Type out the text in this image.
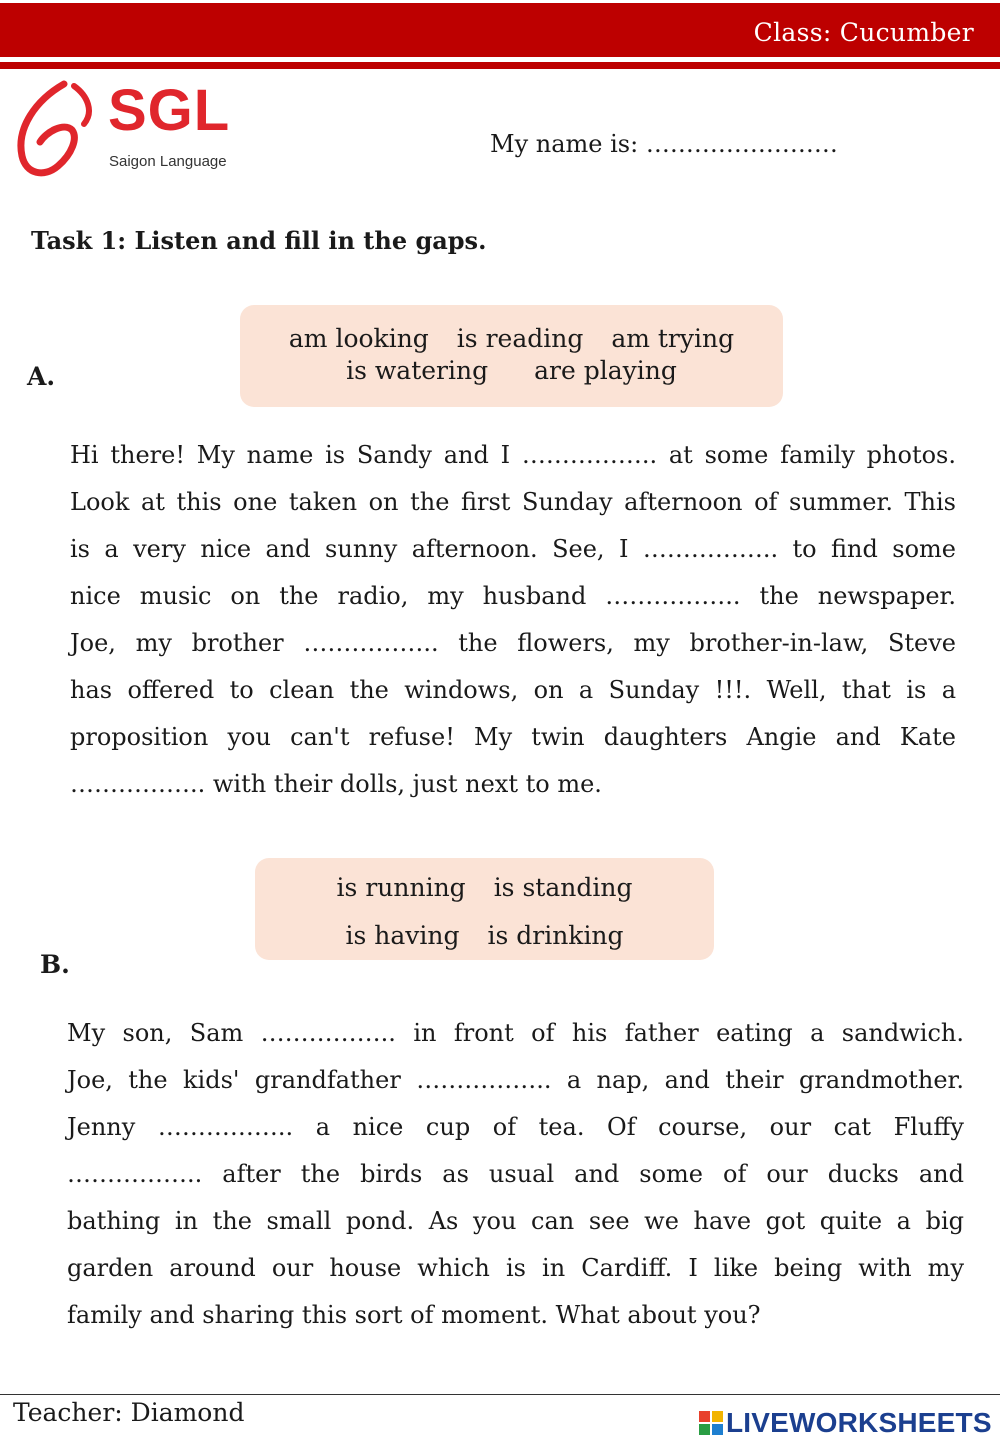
Class: Cucumber
SGL
Saigon Language
My name is: ……………………
Task 1: Listen and fill in the gaps.
A.
am looking is reading am trying
is watering are playing
Hi there! My name is Sandy and I …………….. at some family photos.
Look at this one taken on the first Sunday afternoon of summer. This
is a very nice and sunny afternoon. See, I …………….. to find some
nice music on the radio, my husband …………….. the newspaper.
Joe, my brother …………….. the flowers, my brother-in-law, Steve
has offered to clean the windows, on a Sunday !!!. Well, that is a
proposition you can't refuse! My twin daughters Angie and Kate
…………….. with their dolls, just next to me.
is running is standing
is having is drinking
B.
My son, Sam …………….. in front of his father eating a sandwich.
Joe, the kids' grandfather …………….. a nap, and their grandmother.
Jenny …………….. a nice cup of tea. Of course, our cat Fluffy
…………….. after the birds as usual and some of our ducks and
bathing in the small pond. As you can see we have got quite a big
garden around our house which is in Cardiff. I like being with my
family and sharing this sort of moment. What about you?
Teacher: Diamond	LIVEWORKSHEETS
